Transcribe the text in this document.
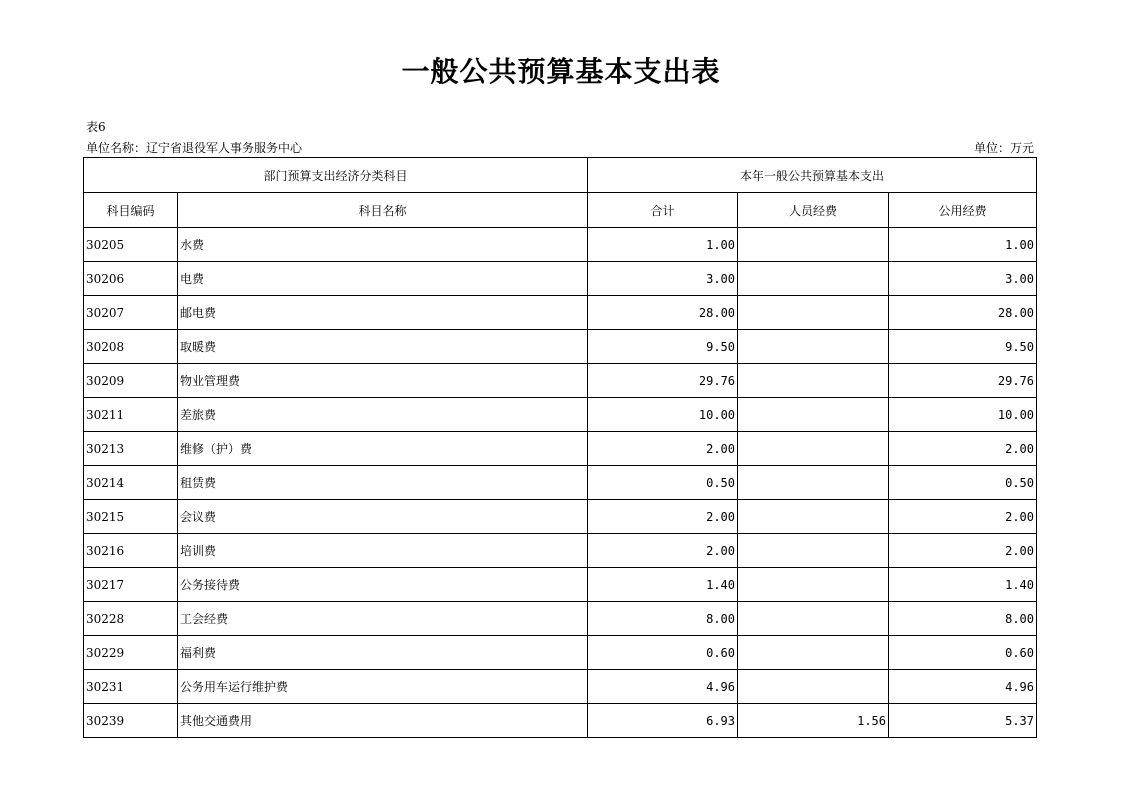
一般公共预算基本支出表
表6
单位名称：辽宁省退役军人事务服务中心	单位：万元
部门预算支出经济分类科目		本年一般公共预算基本支出		
科目编码	科目名称	合计	人员经费	公用经费
30205	水费	1.00		1.00
30206	电费	3.00		3.00
30207	邮电费	28.00		28.00
30208	取暖费	9.50		9.50
30209	物业管理费	29.76		29.76
30211	差旅费	10.00		10.00
30213	维修（护）费	2.00		2.00
30214	租赁费	0.50		0.50
30215	会议费	2.00		2.00
30216	培训费	2.00		2.00
30217	公务接待费	1.40		1.40
30228	工会经费	8.00		8.00
30229	福利费	0.60		0.60
30231	公务用车运行维护费	4.96		4.96
30239	其他交通费用	6.93	1.56	5.37
